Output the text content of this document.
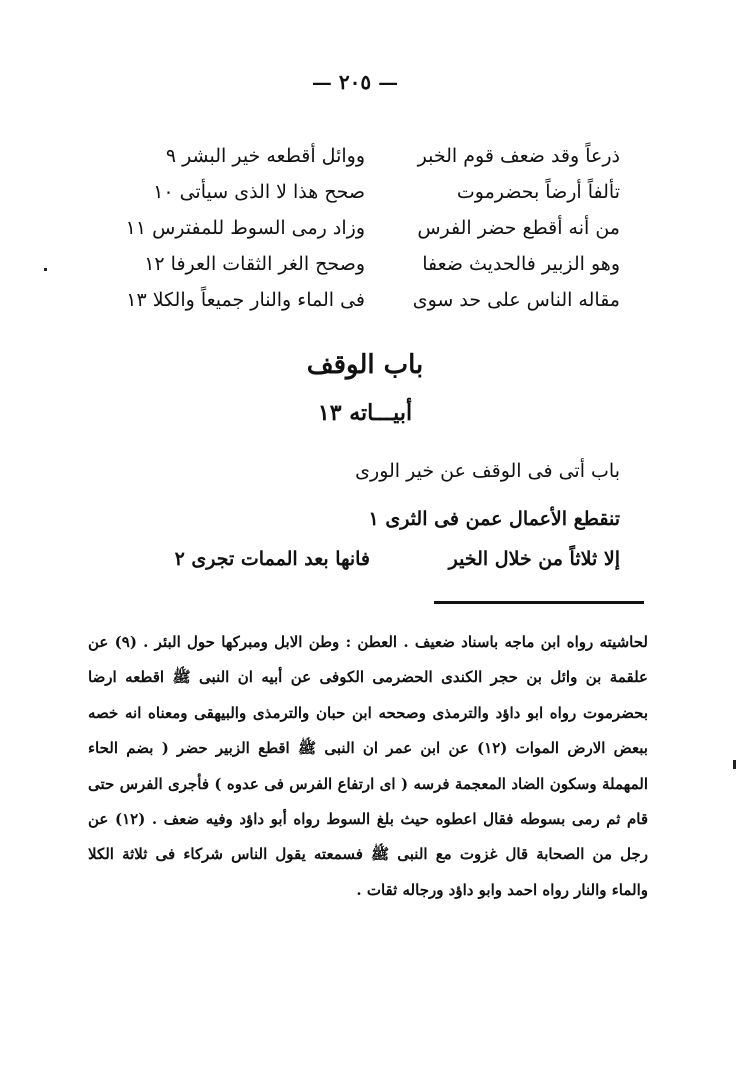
— ٢٠٥ —
ذرعاً وقد ضعف قوم الخبر
ووائل أقطعه خير البشر ٩
تألفاً أرضاً بحضرموت
صحح هذا لا الذى سيأتى ١٠
من أنه أقطع حضر الفرس
وزاد رمى السوط للمفترس ١١
وهو الزبير فالحديث ضعفا
وصحح الغر الثقات العرفا ١٢
مقاله الناس على حد سوى
فى الماء والنار جميعاً والكلا ١٣
باب الوقف
أبيـــاته ١٣
باب أتى فى الوقف عن خير الورى
تنقطع الأعمال عمن فى الثرى ١
إلا ثلاثاً من خلال الخير
فانها بعد الممات تجرى ٢

لحاشيته رواه ابن ماجه باسناد ضعيف . العطن : وطن الابل ومبركها حول البئر . (٩) عن علقمة بن وائل بن حجر الكندى الحضرمى الكوفى عن أبيه ان النبى ﷺ اقطعه ارضا بحضرموت رواه ابو داؤد والترمذى وصححه ابن حبان والترمذى والبيهقى ومعناه انه خصه ببعض الارض الموات (١٢) عن ابن عمر ان النبى ﷺ اقطع الزبير حضر ( بضم الحاء المهملة وسكون الضاد المعجمة فرسه ( اى ارتفاع الفرس فى عدوه ) فأجرى الفرس حتى قام ثم رمى بسوطه فقال اعطوه حيث بلغ السوط رواه أبو داؤد وفيه ضعف . (١٢) عن رجل من الصحابة قال غزوت مع النبى ﷺ فسمعته يقول الناس شركاء فى ثلاثة الكلا والماء والنار رواه احمد وابو داؤد ورجاله ثقات .
